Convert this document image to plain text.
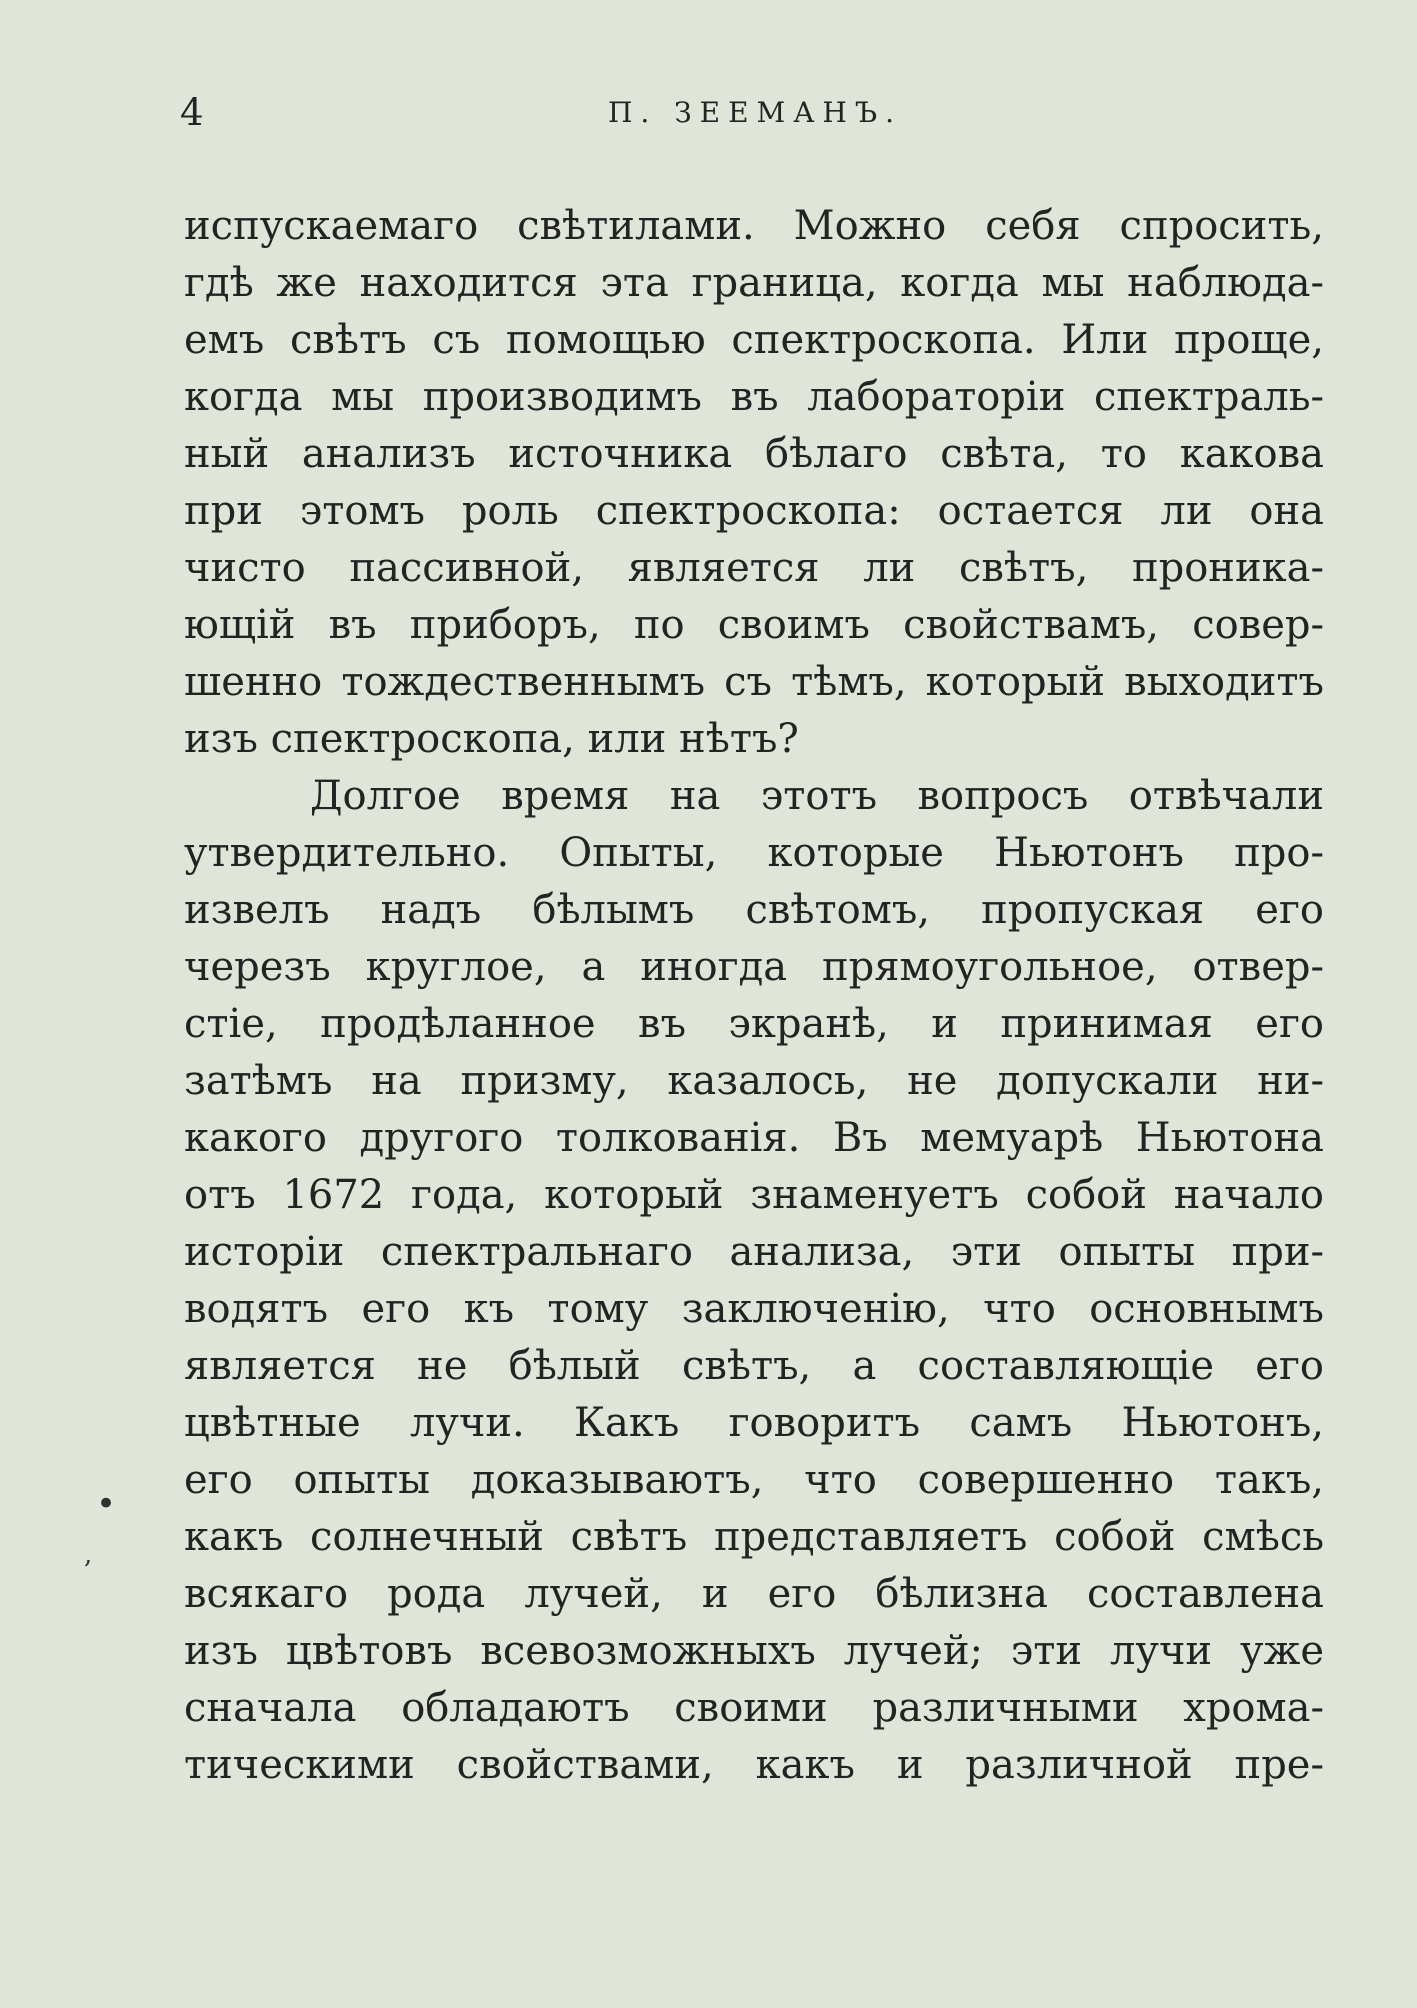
4	П. ЗЕЕМАНЪ.
испускаемаго свѣтилами. Можно себя спросить,
гдѣ же находится эта граница, когда мы наблюда-
емъ свѣтъ съ помощью спектроскопа. Или проще,
когда мы производимъ въ лабораторіи спектраль-
ный анализъ источника бѣлаго свѣта, то какова
при этомъ роль спектроскопа: остается ли она
чисто пассивной, является ли свѣтъ, проника-
ющій въ приборъ, по своимъ свойствамъ, совер-
шенно тождественнымъ съ тѣмъ, который выходитъ
изъ спектроскопа, или нѣтъ?
Долгое время на этотъ вопросъ отвѣчали
утвердительно. Опыты, которые Ньютонъ про-
извелъ надъ бѣлымъ свѣтомъ, пропуская его
черезъ круглое, а иногда прямоугольное, отвер-
стіе, продѣланное въ экранѣ, и принимая его
затѣмъ на призму, казалось, не допускали ни-
какого другого толкованія. Въ мемуарѣ Ньютона
отъ 1672 года, который знаменуетъ собой начало
исторіи спектральнаго анализа, эти опыты при-
водятъ его къ тому заключенію, что основнымъ
является не бѣлый свѣтъ, а составляющіе его
цвѣтные лучи. Какъ говоритъ самъ Ньютонъ,
его опыты доказываютъ, что совершенно такъ,
какъ солнечный свѣтъ представляетъ собой смѣсь
всякаго рода лучей, и его бѣлизна составлена
изъ цвѣтовъ всевозможныхъ лучей; эти лучи уже
сначала обладаютъ своими различными хрома-
тическими свойствами, какъ и различной пре-
•
,
